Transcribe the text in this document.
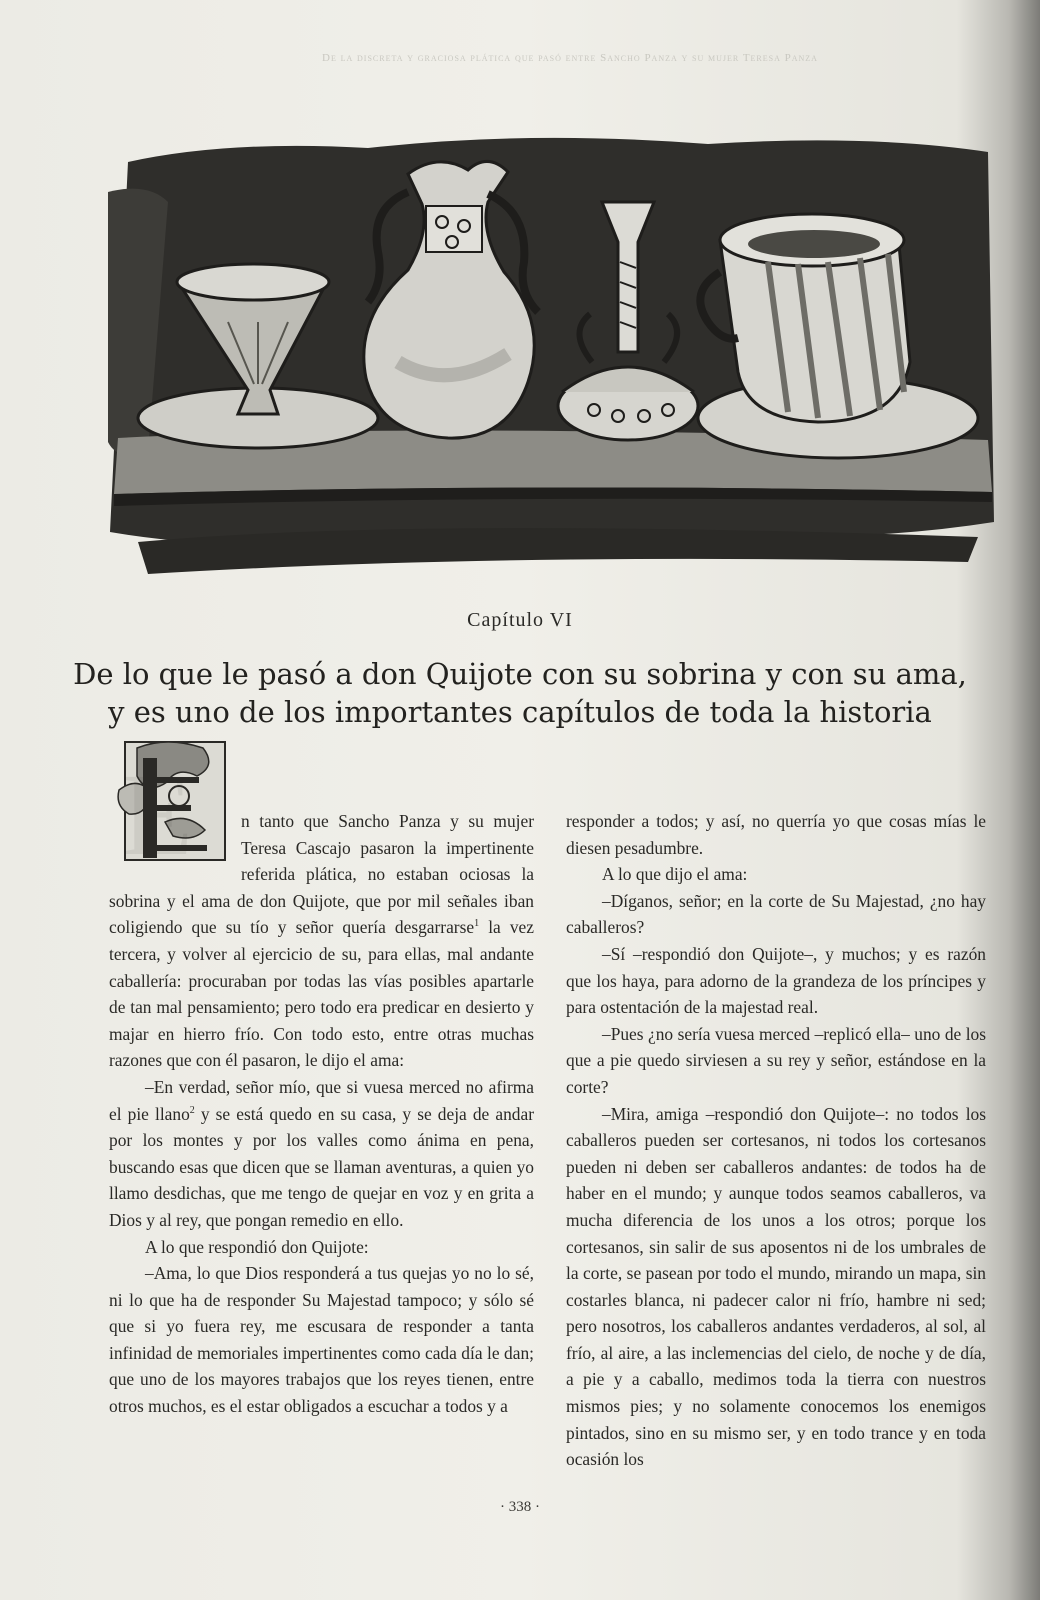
De la discreta y graciosa plática que pasó entre Sancho Panza y su mujer Teresa Panza
Capítulo VI
De lo que le pasó a don Quijote con su sobrina y con su ama,
y es uno de los importantes capítulos de toda la historia
E	n tanto que Sancho Panza y su mujer Teresa Cascajo pasaron la impertinente referida plática, no estaban ociosas la sobrina y el ama de don Quijote, que por mil señales iban coligiendo que su tío y señor quería desgarrarse$^1$ la vez tercera, y volver al ejercicio de su, para ellas, mal andante caballería: procuraban por todas las vías posibles apartarle de tan mal pensamiento; pero todo era predicar en desierto y majar en hierro frío. Con todo esto, entre otras muchas razones que con él pasaron, le dijo el ama:

–En verdad, señor mío, que si vuesa merced no afirma el pie llano$^2$ y se está quedo en su casa, y se deja de andar por los montes y por los valles como ánima en pena, buscando esas que dicen que se llaman aventuras, a quien yo llamo desdichas, que me tengo de quejar en voz y en grita a Dios y al rey, que pongan remedio en ello.

A lo que respondió don Quijote:

–Ama, lo que Dios responderá a tus quejas yo no lo sé, ni lo que ha de responder Su Majestad tampoco; y sólo sé que si yo fuera rey, me escusara de responder a tanta infinidad de memoriales impertinentes como cada día le dan; que uno de los mayores trabajos que los reyes tienen, entre otros muchos, es el estar obligados a escuchar a todos y a

responder a todos; y así, no querría yo que cosas mías le diesen pesadumbre.

A lo que dijo el ama:

–Díganos, señor; en la corte de Su Majestad, ¿no hay caballeros?

–Sí –respondió don Quijote–, y muchos; y es razón que los haya, para adorno de la grandeza de los príncipes y para ostentación de la majestad real.

–Pues ¿no sería vuesa merced –replicó ella– uno de los que a pie quedo sirviesen a su rey y señor, estándose en la corte?

–Mira, amiga –respondió don Quijote–: no todos los caballeros pueden ser cortesanos, ni todos los cortesanos pueden ni deben ser caballeros andantes: de todos ha de haber en el mundo; y aunque todos seamos caballeros, va mucha diferencia de los unos a los otros; porque los cortesanos, sin salir de sus aposentos ni de los umbrales de la corte, se pasean por todo el mundo, mirando un mapa, sin costarles blanca, ni padecer calor ni frío, hambre ni sed; pero nosotros, los caballeros andantes verdaderos, al sol, al frío, al aire, a las inclemencias del cielo, de noche y de día, a pie y a caballo, medimos toda la tierra con nuestros mismos pies; y no solamente conocemos los enemigos pintados, sino en su mismo ser, y en todo trance y en toda ocasión los

· 338 ·
